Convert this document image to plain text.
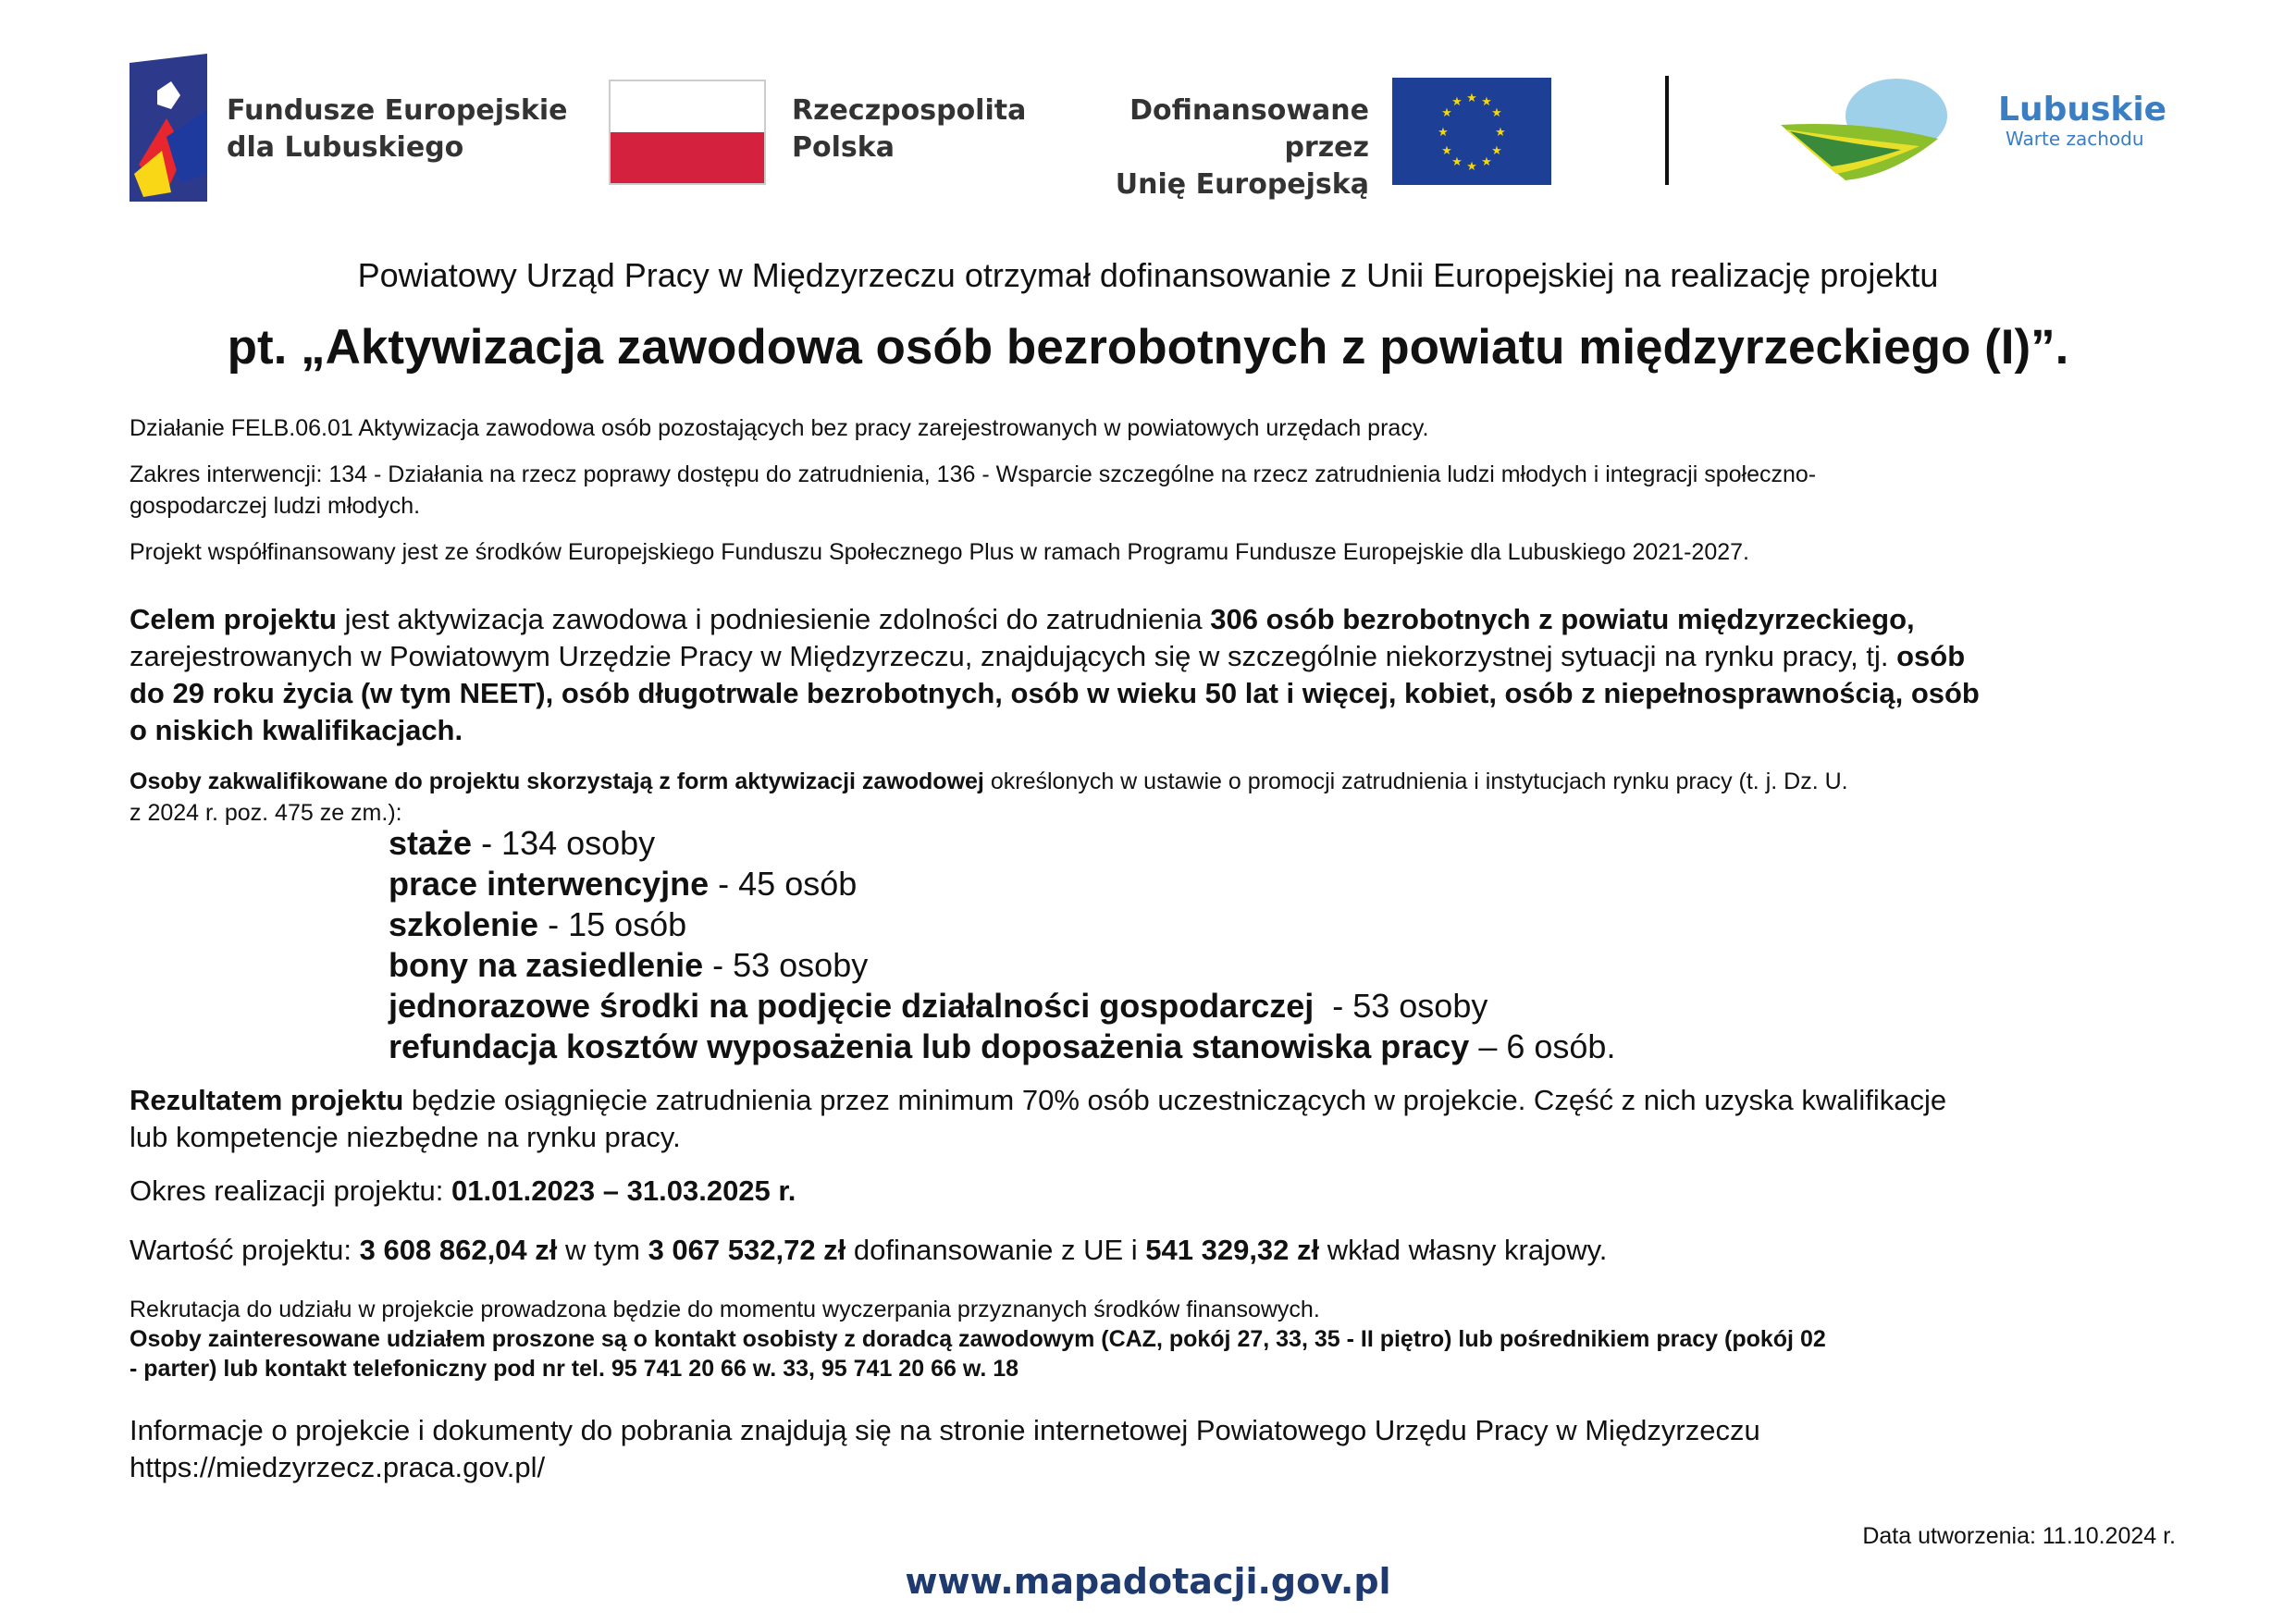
Fundusze Europejskie
dla Lubuskiego
Rzeczpospolita
Polska
Dofinansowane przez
Unię Europejską
★ ★
★
★
★
★
★
★
★
★
★
★	Lubuskie
Warte zachodu
Powiatowy Urząd Pracy w Międzyrzeczu otrzymał dofinansowanie z Unii Europejskiej na realizację projektu
pt. „Aktywizacja zawodowa osób bezrobotnych z powiatu międzyrzeckiego (I)”.

Działanie FELB.06.01 Aktywizacja zawodowa osób pozostających bez pracy zarejestrowanych w powiatowych urzędach pracy.

Zakres interwencji: 134 - Działania na rzecz poprawy dostępu do zatrudnienia, 136 - Wsparcie szczególne na rzecz zatrudnienia ludzi młodych i integracji społeczno-

gospodarczej ludzi młodych.

Projekt współfinansowany jest ze środków Europejskiego Funduszu Społecznego Plus w ramach Programu Fundusze Europejskie dla Lubuskiego 2021-2027.

Celem projektu jest aktywizacja zawodowa i podniesienie zdolności do zatrudnienia 306 osób bezrobotnych z powiatu międzyrzeckiego,

zarejestrowanych w Powiatowym Urzędzie Pracy w Międzyrzeczu, znajdujących się w szczególnie niekorzystnej sytuacji na rynku pracy, tj. osób

do 29 roku życia (w tym NEET), osób długotrwale bezrobotnych, osób w wieku 50 lat i więcej, kobiet, osób z niepełnosprawnością, osób

o niskich kwalifikacjach.

Osoby zakwalifikowane do projektu skorzystają z form aktywizacji zawodowej określonych w ustawie o promocji zatrudnienia i instytucjach rynku pracy (t. j. Dz. U.

z 2024 r. poz. 475 ze zm.):

staże - 134 osoby
prace interwencyjne - 45 osób
szkolenie - 15 osób
bony na zasiedlenie - 53 osoby
jednorazowe środki na podjęcie działalności gospodarczej  - 53 osoby
refundacja kosztów wyposażenia lub doposażenia stanowiska pracy – 6 osób.

Rezultatem projektu będzie osiągnięcie zatrudnienia przez minimum 70% osób uczestniczących w projekcie. Część z nich uzyska kwalifikacje

lub kompetencje niezbędne na rynku pracy.

Okres realizacji projektu: 01.01.2023 – 31.03.2025 r.
Wartość projektu: 3 608 862,04 zł w tym 3 067 532,72 zł dofinansowanie z UE i 541 329,32 zł wkład własny krajowy.

Rekrutacja do udziału w projekcie prowadzona będzie do momentu wyczerpania przyznanych środków finansowych.

Osoby zainteresowane udziałem proszone są o kontakt osobisty z doradcą zawodowym (CAZ, pokój 27, 33, 35 - II piętro) lub pośrednikiem pracy (pokój 02

- parter) lub kontakt telefoniczny pod nr tel. 95 741 20 66 w. 33, 95 741 20 66 w. 18

Informacje o projekcie i dokumenty do pobrania znajdują się na stronie internetowej Powiatowego Urzędu Pracy w Międzyrzeczu

https://miedzyrzecz.praca.gov.pl/

Data utworzenia: 11.10.2024 r.
www.mapadotacji.gov.pl
